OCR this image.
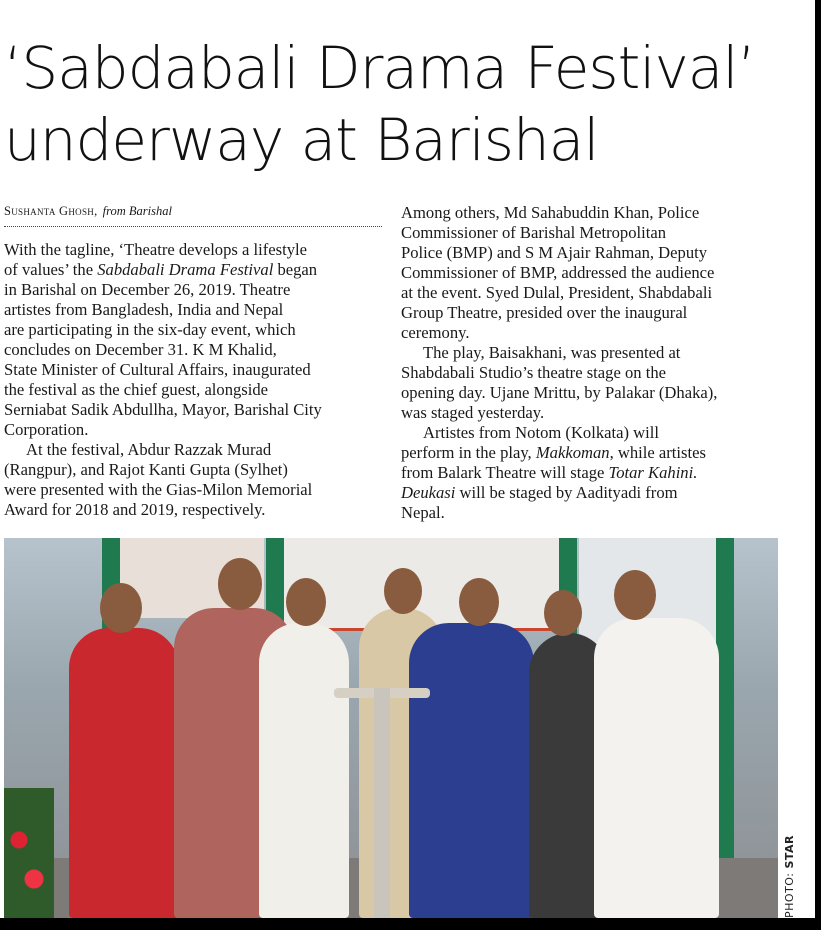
‘Sabdabali Drama Festival’
underway at Barishal
Sushanta Ghosh, from Barishal

With the tagline, ‘Theatre develops a lifestyle
of values’ the Sabdabali Drama Festival began
in Barishal on December 26, 2019. Theatre
artistes from Bangladesh, India and Nepal
are participating in the six-day event, which
concludes on December 31. K M Khalid,
State Minister of Cultural Affairs, inaugurated
the festival as the chief guest, alongside
Serniabat Sadik Abdullha, Mayor, Barishal City
Corporation.

At the festival, Abdur Razzak Murad
(Rangpur), and Rajot Kanti Gupta (Sylhet)
were presented with the Gias-Milon Memorial
Award for 2018 and 2019, respectively.

Among others, Md Sahabuddin Khan, Police
Commissioner of Barishal Metropolitan
Police (BMP) and S M Ajair Rahman, Deputy
Commissioner of BMP, addressed the audience
at the event. Syed Dulal, President, Shabdabali
Group Theatre, presided over the inaugural
ceremony.

The play, Baisakhani, was presented at
Shabdabali Studio’s theatre stage on the
opening day. Ujane Mrittu, by Palakar (Dhaka),
was staged yesterday.

Artistes from Notom (Kolkata) will
perform in the play, Makkoman, while artistes
from Balark Theatre will stage Totar Kahini.
Deukasi will be staged by Aadityadi from
Nepal.

PHOTO: STAR
